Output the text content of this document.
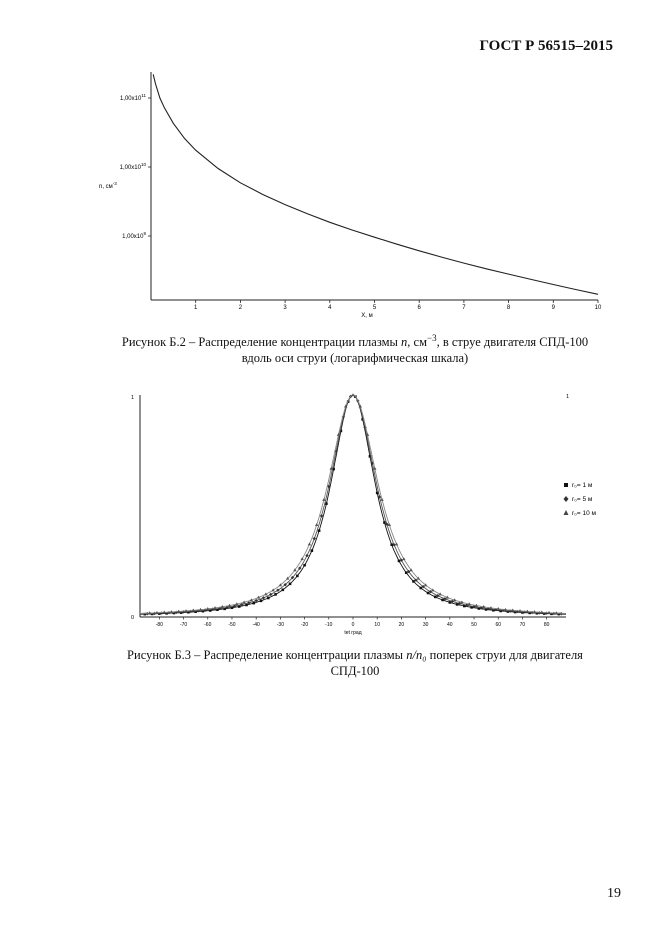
ГОСТ Р 56515–2015
$1,00x10^{11}$
$1,00x10^{10}$
$1,00x10^9$
1	2	3	4	5	6	7	8	9	10
n, $см^{-3}$
X, м
Рисунок Б.2 – Распределение концентрации плазмы n, $см^{-3}$, в струе двигателя СПД-100
вдоль оси струи (логарифмическая шкала)
1
0
1
-80	-70	-60	-50	-40	-30	-20	-10	0	10	20	30	40	50	60	70	80
r₀= 1 м
r₀= 5 м
r₀= 10 м
tet град
Рисунок Б.3 – Распределение концентрации плазмы n/n₀ поперек струи для двигателя
СПД-100
19
